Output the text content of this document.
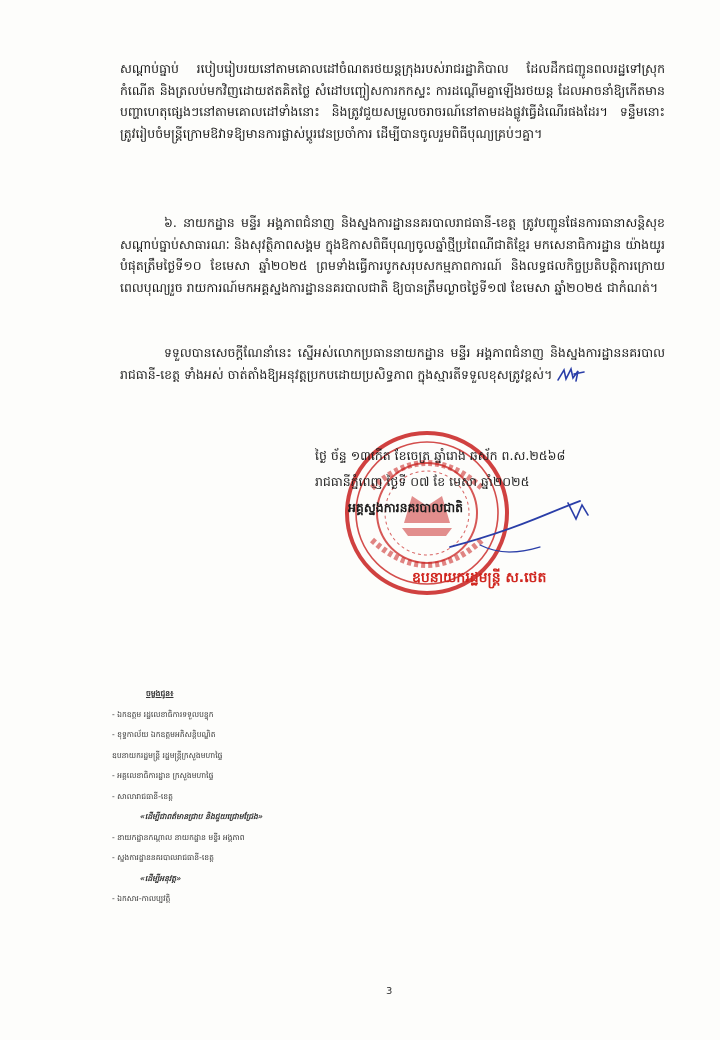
សណ្ដាប់ធ្នាប់ របៀបរៀបរយនៅតាមគោលដៅចំណតរថយន្តក្រុងរបស់រាជរដ្ឋាភិបាល ដែលដឹកជញ្ជូនពលរដ្ឋទៅស្រុកកំណើត និងត្រលប់មកវិញដោយឥតគិតថ្លៃ សំដៅបញ្ចៀសការកកស្ទះ ការដណ្ដើមគ្នាឡើងរថយន្ត ដែលអាចនាំឱ្យកើតមានបញ្ហាហេតុផ្សេងៗនៅតាមគោលដៅទាំងនោះ និងត្រូវជួយសម្រួលចរាចរណ៍នៅតាមដងផ្លូវធ្វើដំណើរផងដែរ។ ទន្ទឹមនោះ ត្រូវរៀបចំមន្ត្រីក្រោមឱវាទឱ្យមានការផ្លាស់ប្ដូរវេនប្រចាំការ ដើម្បីបានចូលរួមពិធីបុណ្យគ្រប់ៗគ្នា។
៦. នាយកដ្ឋាន មន្ទីរ អង្គភាពជំនាញ និងស្នងការដ្ឋាននគរបាលរាជធានី-ខេត្ត ត្រូវបញ្ជូនផែនការធានាសន្តិសុខ សណ្ដាប់ធ្នាប់សាធារណៈ និងសុវត្ថិភាពសង្គម ក្នុងឱកាសពិធីបុណ្យចូលឆ្នាំថ្មីប្រពៃណីជាតិខ្មែរ មកសេនាធិការដ្ឋាន យ៉ាងយូរបំផុតត្រឹមថ្ងៃទី១០ ខែមេសា ឆ្នាំ២០២៥ ព្រមទាំងធ្វើការបូកសរុបសកម្មភាពការណ៍ និងលទ្ធផលកិច្ចប្រតិបត្តិការក្រោយពេលបុណ្យរួច រាយការណ៍មកអគ្គស្នងការដ្ឋាននគរបាលជាតិ ឱ្យបានត្រឹមល្ងាចថ្ងៃទី១៧ ខែមេសា ឆ្នាំ២០២៥ ជាកំណត់។
ទទួលបានសេចក្ដីណែនាំនេះ ស្នើអស់លោកប្រធាននាយកដ្ឋាន មន្ទីរ អង្គភាពជំនាញ និងស្នងការដ្ឋាននគរបាលរាជធានី-ខេត្ត ទាំងអស់ ចាត់តាំងឱ្យអនុវត្តប្រកបដោយប្រសិទ្ធភាព ក្នុងស្មារតីទទួលខុសត្រូវខ្ពស់។
ថ្ងៃ ច័ន្ទ ១៣កើត ខែចេត្រ ឆ្នាំរោង ឆស័ក ព.ស.២៥៦៨
រាជធានីភ្នំពេញ ថ្ងៃទី ០៧ ខែ មេសា ឆ្នាំ២០២៥
អគ្គស្នងការនគរបាលជាតិ
ឧបនាយករដ្ឋមន្ត្រី ស.ថេត
ចម្លងជូន៖
- ឯកឧត្តម រដ្ឋលេខាធិការទទួលបន្ទុក
- ខុទ្ទកាល័យ ឯកឧត្តមអភិសន្តិបណ្ឌិត
ឧបនាយករដ្ឋមន្ត្រី រដ្ឋមន្ត្រីក្រសួងមហាផ្ទៃ
- អគ្គលេខាធិការដ្ឋាន ក្រសួងមហាផ្ទៃ
- សាលារាជធានី-ខេត្ត
«ដើម្បីជាពត៌មានជ្រាប និងជួយជ្រោមជ្រែង»
- នាយកដ្ឋានកណ្ដាល នាយកដ្ឋាន មន្ទីរ អង្គភាព
- ស្នងការដ្ឋាននគរបាលរាជធានី-ខេត្ត
«ដើម្បីអនុវត្ត»
- ឯកសារ-កាលប្បវត្តិ
3
